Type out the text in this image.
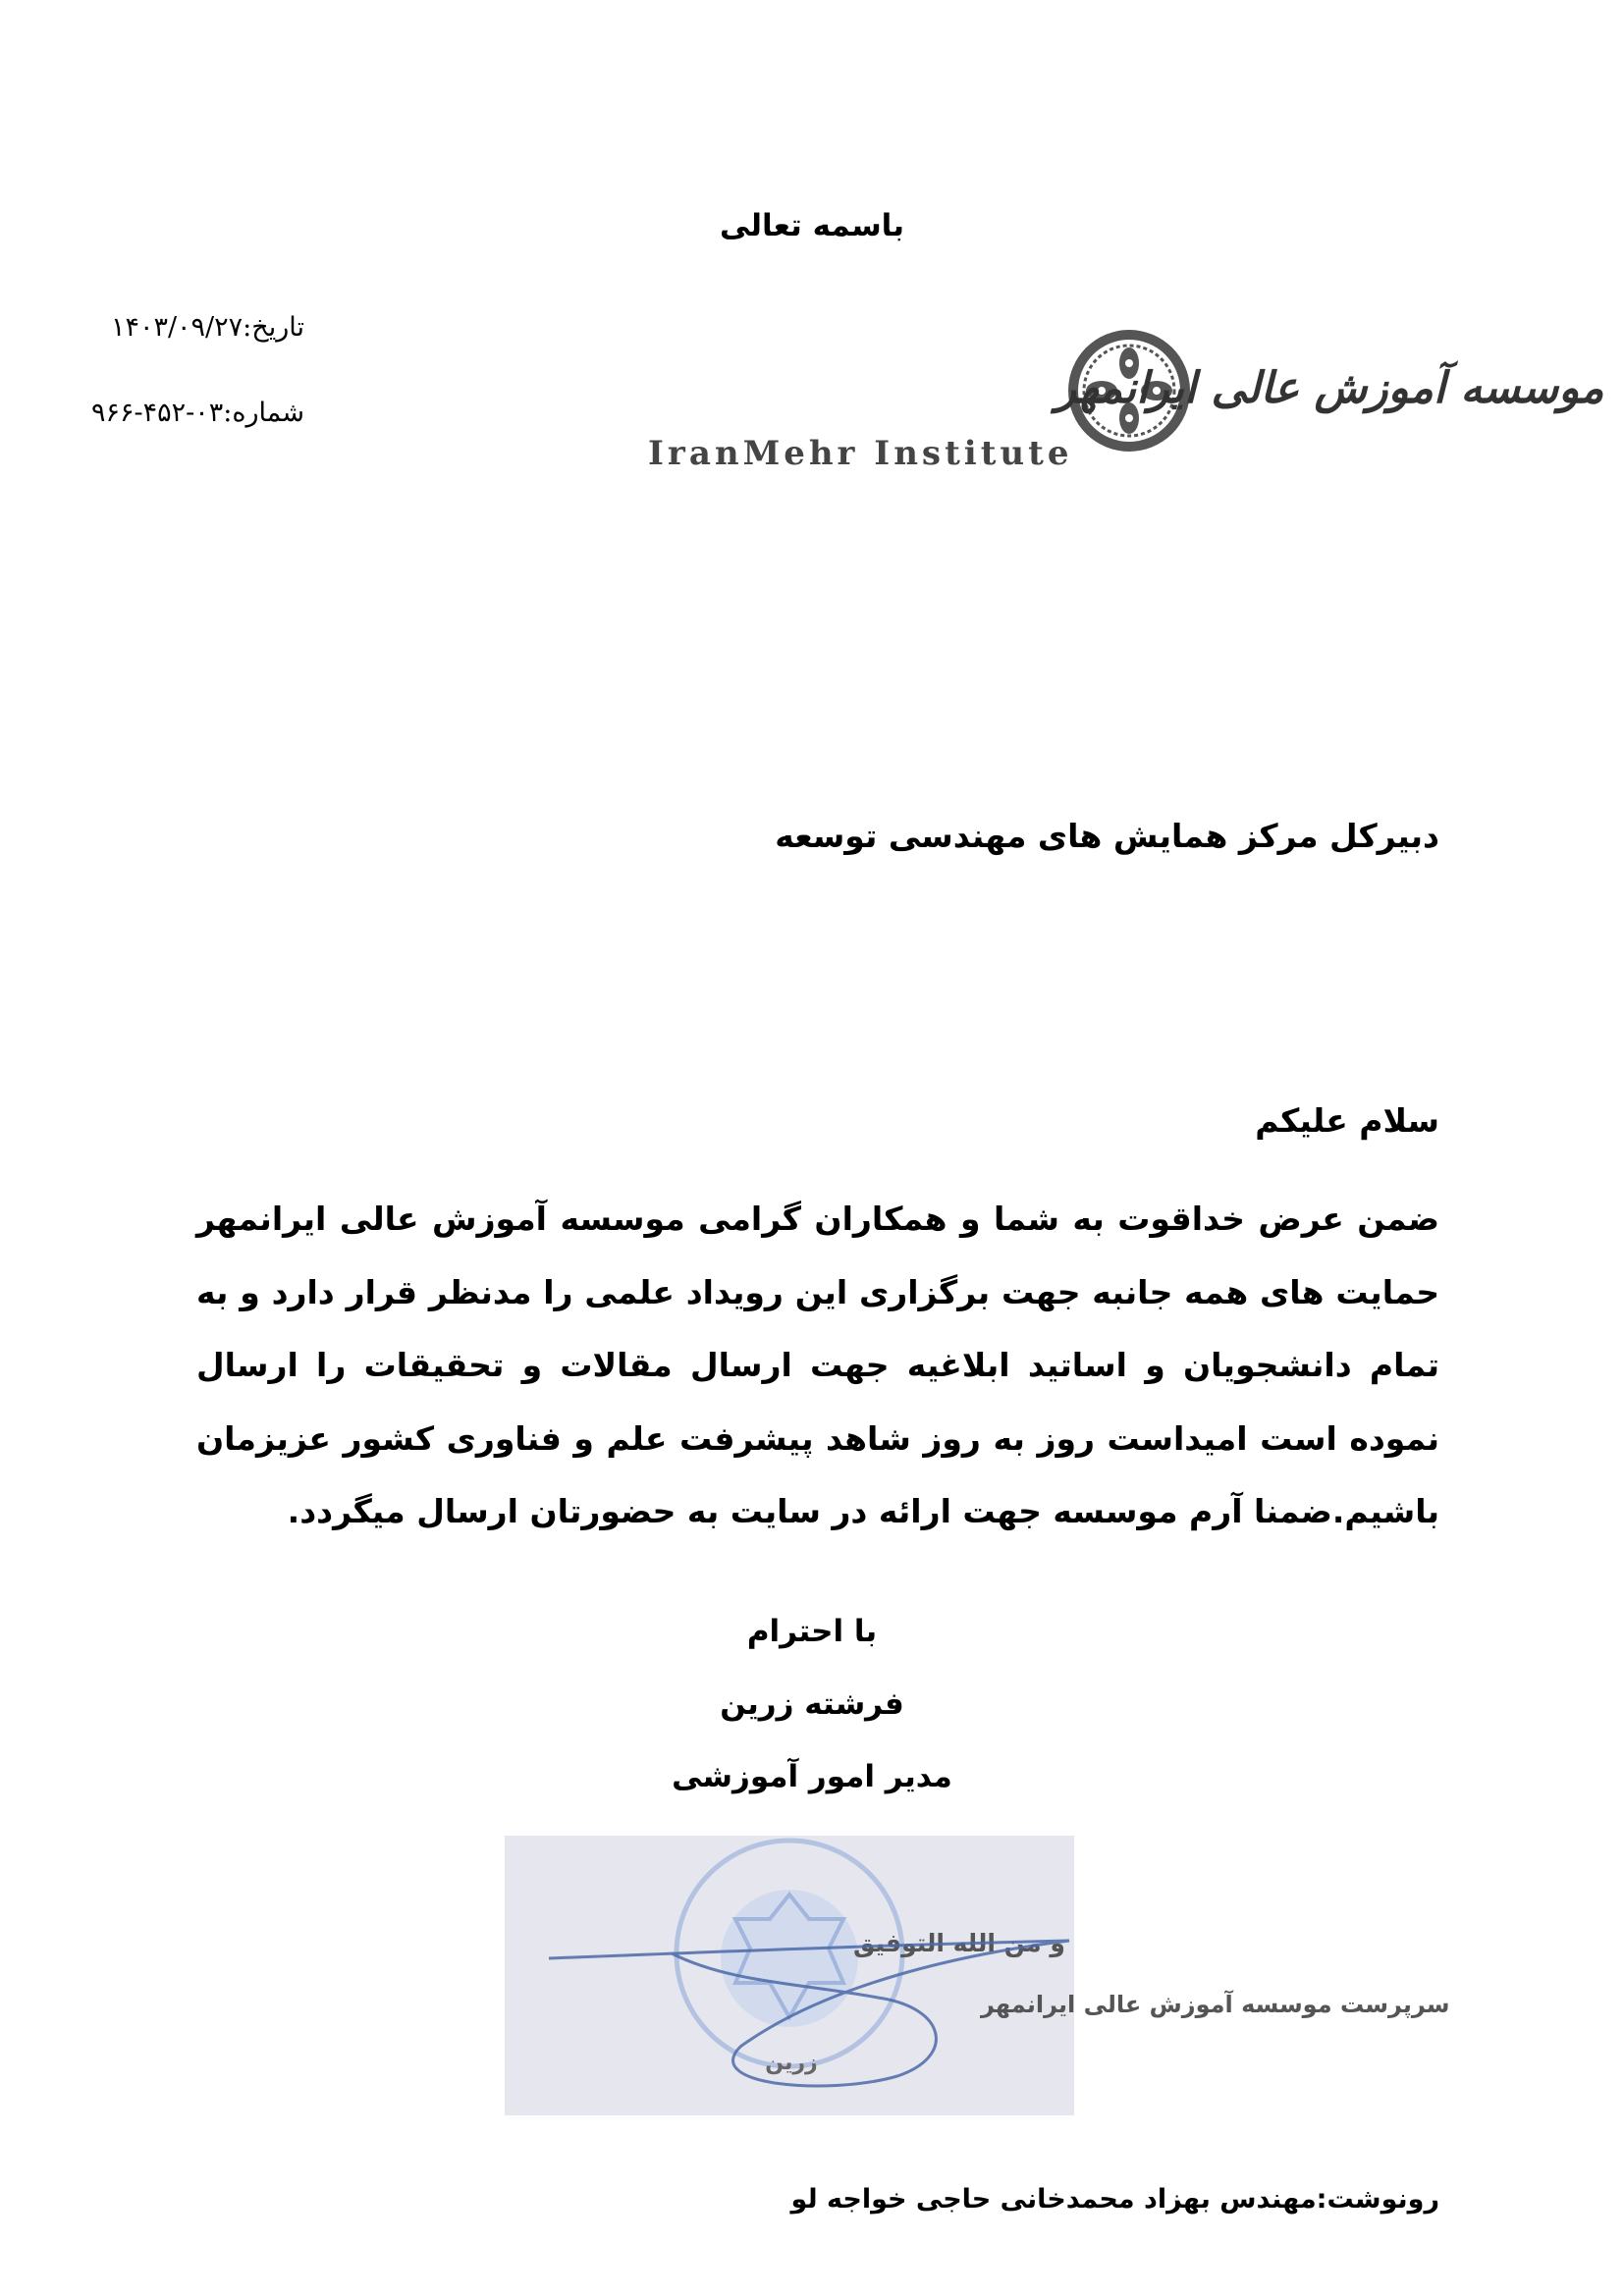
باسمه تعالی
تاریخ:۱۴۰۳/۰۹/۲۷
شماره:۰۳-۴۵۲-۹۶۶	موسسه آموزش عالی ایرانمهر
IranMehr Institute
دبیرکل مرکز همایش های مهندسی توسعه
سلام علیکم
ضمن عرض خداقوت به شما و همکاران گرامی موسسه آموزش عالی ایرانمهر حمایت های همه جانبه جهت برگزاری این رویداد علمی را مدنظر قرار دارد و به تمام دانشجویان و اساتید ابلاغیه جهت ارسال مقالات و تحقیقات را ارسال نموده است امیداست روز به روز شاهد پیشرفت علم و فناوری کشور عزیزمان باشیم.ضمنا آرم موسسه جهت ارائه در سایت به حضورتان ارسال میگردد.
با احترام
فرشته زرین
مدیر امور آموزشی
و من الله التوفیق
سرپرست موسسه آموزش عالی ایرانمهر
زرین
رونوشت:مهندس بهزاد محمدخانی حاجی خواجه لو
